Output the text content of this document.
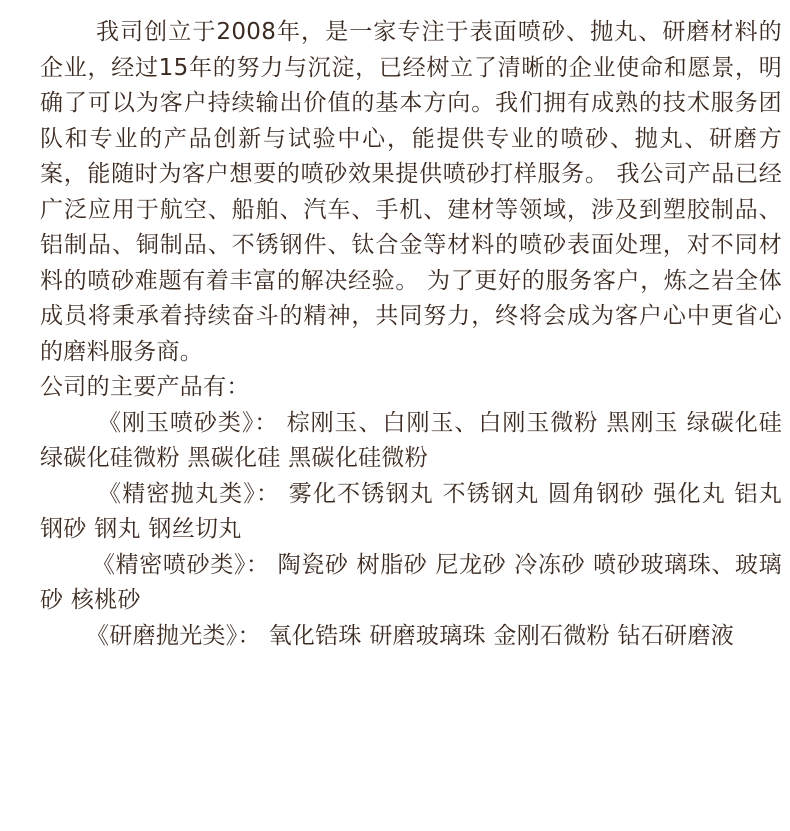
我司创立于2008年，是一家专注于表面喷砂、抛丸、研磨材料的企业，经过15年的努力与沉淀，已经树立了清晰的企业使命和愿景，明确了可以为客户持续输出价值的基本方向。我们拥有成熟的技术服务团队和专业的产品创新与试验中心，能提供专业的喷砂、抛丸、研磨方案，能随时为客户想要的喷砂效果提供喷砂打样服务。 我公司产品已经广泛应用于航空、船舶、汽车、手机、建材等领域，涉及到塑胶制品、铝制品、铜制品、不锈钢件、钛合金等材料的喷砂表面处理，对不同材料的喷砂难题有着丰富的解决经验。 为了更好的服务客户，炼之岩全体成员将秉承着持续奋斗的精神，共同努力，终将会成为客户心中更省心的磨料服务商。

公司的主要产品有：

《刚玉喷砂类》： 棕刚玉、白刚玉、白刚玉微粉 黑刚玉 绿碳化硅 绿碳化硅微粉 黑碳化硅 黑碳化硅微粉

《精密抛丸类》： 雾化不锈钢丸 不锈钢丸 圆角钢砂 强化丸 铝丸 钢砂 钢丸 钢丝切丸

《精密喷砂类》： 陶瓷砂 树脂砂 尼龙砂 冷冻砂 喷砂玻璃珠、玻璃砂 核桃砂

《研磨抛光类》： 氧化锆珠 研磨玻璃珠 金刚石微粉 钻石研磨液
